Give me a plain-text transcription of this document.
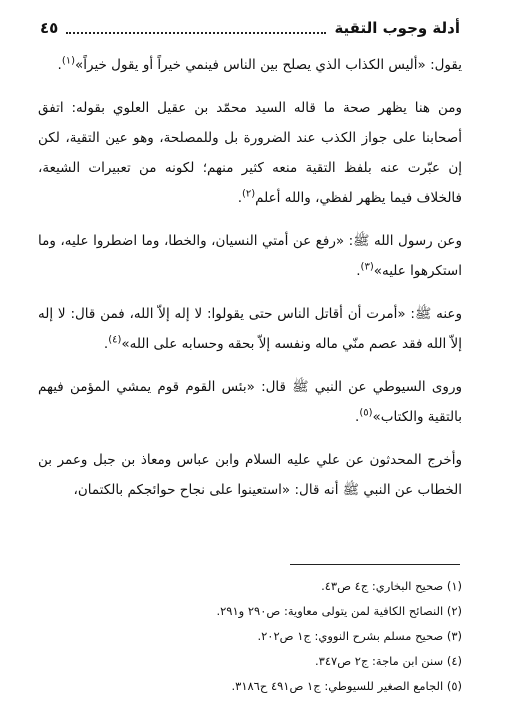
أدلة وجوب التقية
٤٥

يقول: «أليس الكذاب الذي يصلح بين الناس فينمي خيراً أو يقول خيراً»$^{(١)}$.

ومن هنا يظهر صحة ما قاله السيد محمّد بن عقيل العلوي بقوله: اتفق أصحابنا على جواز الكذب عند الضرورة بل وللمصلحة، وهو عين التقية، لكن إن عبّرت عنه بلفظ التقية منعه كثير منهم؛ لكونه من تعبيرات الشيعة، فالخلاف فيما يظهر لفظي، والله أعلم$^{(٢)}$.

وعن رسول الله ﷺ: «رفع عن أمتي النسيان، والخطا، وما اضطروا عليه، وما استكرهوا عليه»$^{(٣)}$.

وعنه ﷺ: «أمرت أن أقاتل الناس حتى يقولوا: لا إله إلاّ الله، فمن قال: لا إله إلاّ الله فقد عصم منّي ماله ونفسه إلاّ بحقه وحسابه على الله»$^{(٤)}$.

وروى السيوطي عن النبي ﷺ قال: «بئس القوم قوم يمشي المؤمن فيهم بالتقية والكتاب»$^{(٥)}$.

وأخرج المحدثون عن علي عليه السلام وابن عباس ومعاذ بن جبل وعمر بن الخطاب عن النبي ﷺ أنه قال: «استعينوا على نجاح حوائجكم بالكتمان،

(١) صحيح البخاري: ج٤ ص٤٣.
(٢) النصائح الكافية لمن يتولى معاوية: ص٢٩٠ و٢٩١.
(٣) صحيح مسلم بشرح النووي: ج١ ص٢٠٢.
(٤) سنن ابن ماجة: ج٢ ص٣٤٧.
(٥) الجامع الصغير للسيوطي: ج١ ص٤٩١ ح٣١٨٦.
